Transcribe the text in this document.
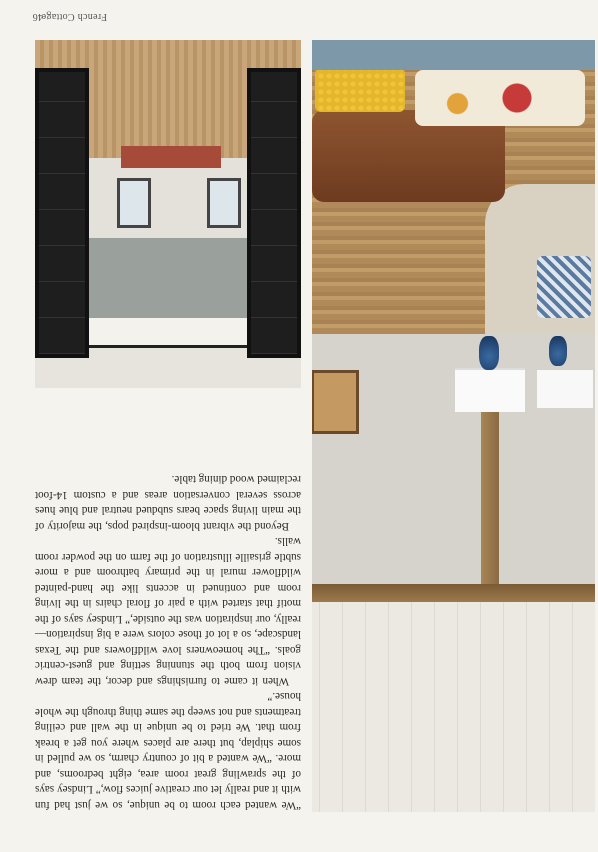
French Cottage
46

“We wanted each room to be unique, so we just had fun with it and really let our creative juices flow,” Lindsey says of the sprawling great room area, eight bedrooms, and more. “We wanted a bit of country charm, so we pulled in some shiplap, but there are places where you get a break from that. We tried to be unique in the wall and ceiling treatments and not sweep the same thing through the whole house.”

When it came to furnishings and decor, the team drew vision from both the stunning setting and guest-centric goals. “The homeowners love wildflowers and the Texas landscape, so a lot of those colors were a big inspiration—really, our inspiration was the outside,” Lindsey says of the motif that started with a pair of floral chairs in the living room and continued in accents like the hand-painted wildflower mural in the primary bathroom and a more subtle grisaille illustration of the farm on the powder room walls.

Beyond the vibrant bloom-inspired pops, the majority of the main living space bears subdued neutral and blue hues across several conversation areas and a custom 14-foot reclaimed wood dining table.
